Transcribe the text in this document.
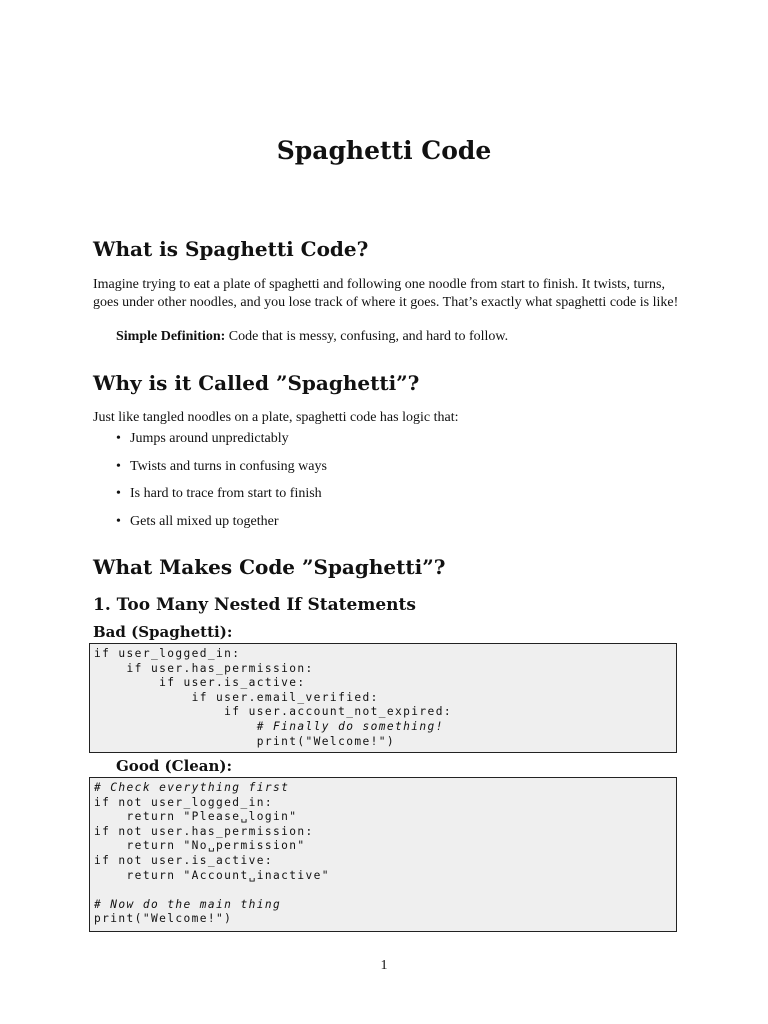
Spaghetti Code
What is Spaghetti Code?
Imagine trying to eat a plate of spaghetti and following one noodle from start to finish. It twists, turns, goes under other noodles, and you lose track of where it goes. That’s exactly what spaghetti code is like!
Simple Definition: Code that is messy, confusing, and hard to follow.
Why is it Called ”Spaghetti”?
Just like tangled noodles on a plate, spaghetti code has logic that:
• Jumps around unpredictably
• Twists and turns in confusing ways
• Is hard to trace from start to finish
• Gets all mixed up together
What Makes Code ”Spaghetti”?
1. Too Many Nested If Statements
Bad (Spaghetti):
if user_logged_in:
if user.has_permission:
if user.is_active:
if user.email_verified:
if user.account_not_expired:
# Finally do something!
print("Welcome!")
Good (Clean):
# Check everything first
if not user_logged_in:
return "Please␣login"
if not user.has_permission:
return "No␣permission"
if not user.is_active:
return "Account␣inactive"
# Now do the main thing
print("Welcome!")
1
